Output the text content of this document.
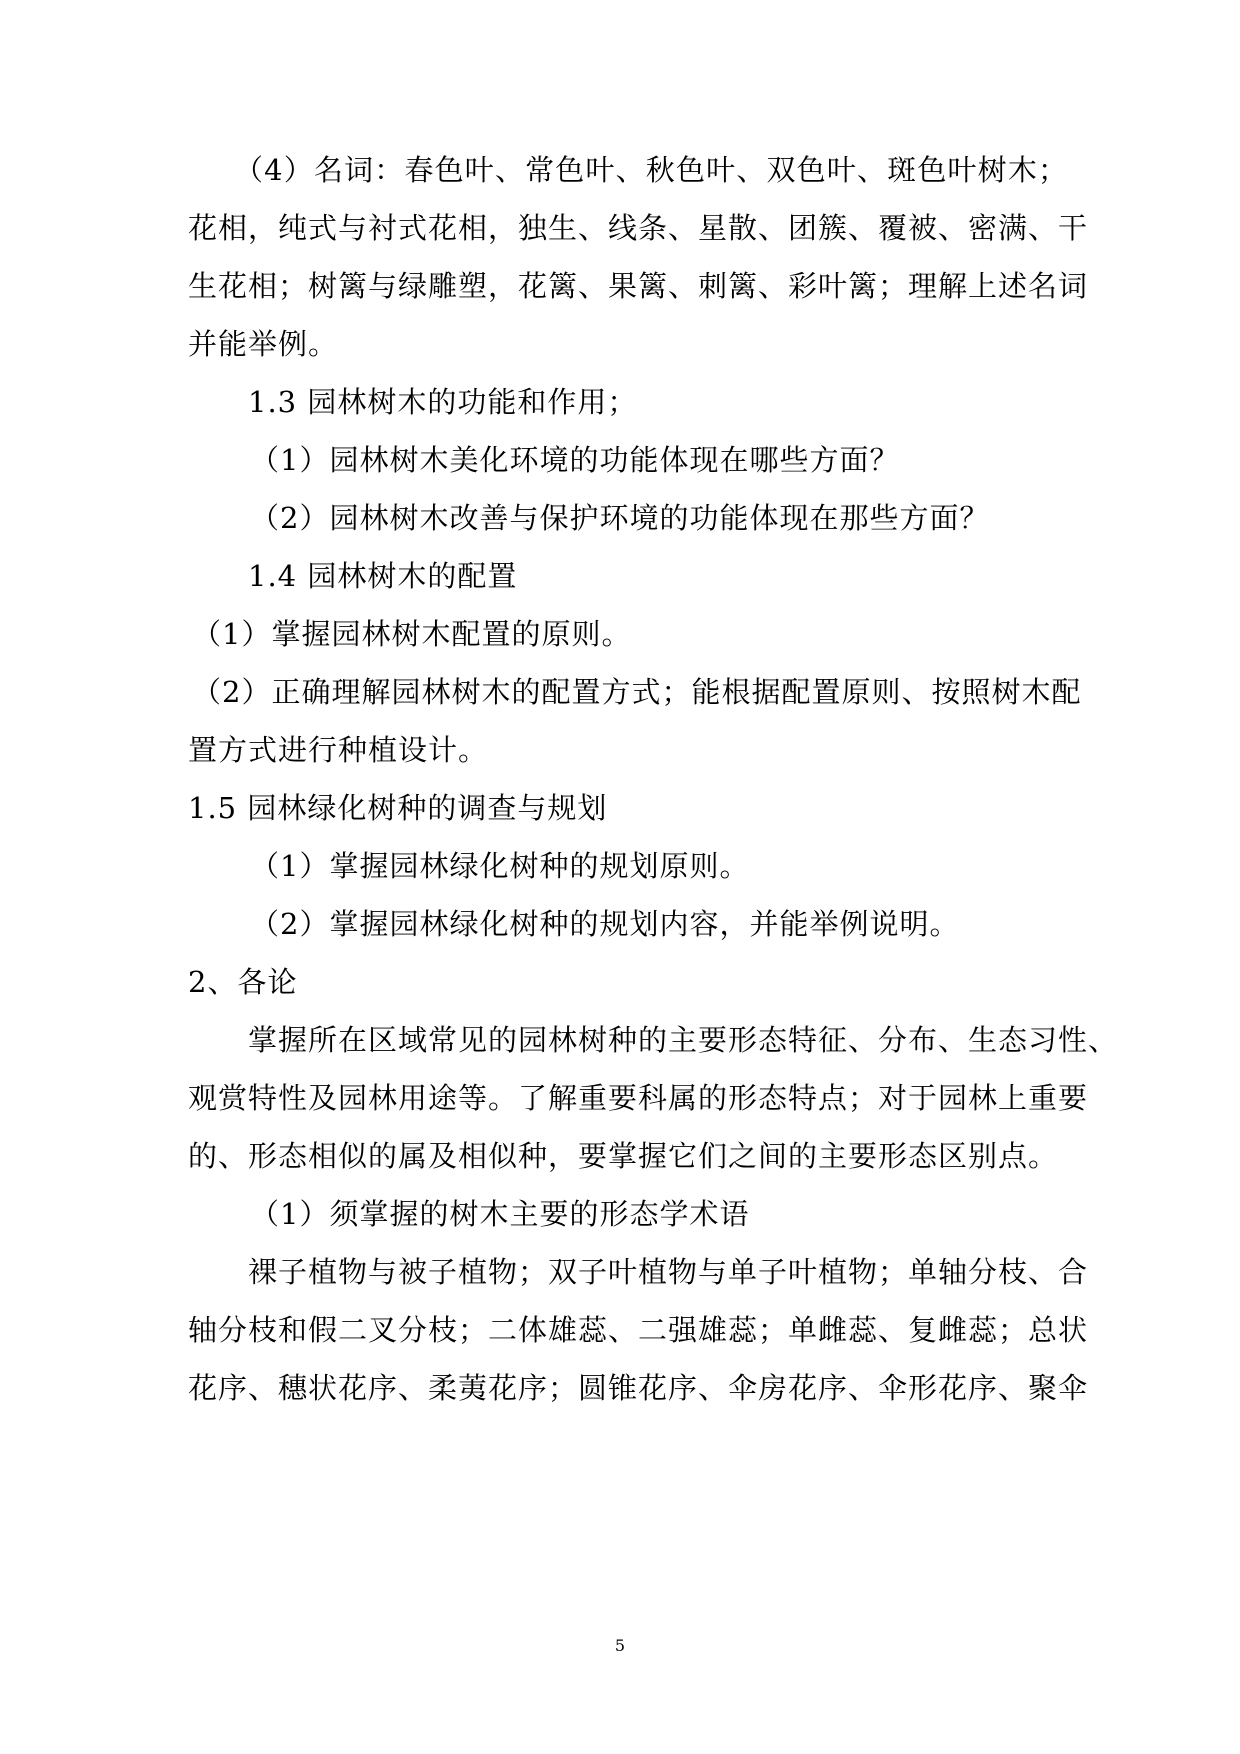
（4）名词：春色叶、常色叶、秋色叶、双色叶、斑色叶树木；
花相，纯式与衬式花相，独生、线条、星散、团簇、覆被、密满、干
生花相；树篱与绿雕塑，花篱、果篱、刺篱、彩叶篱；理解上述名词
并能举例。
1.3 园林树木的功能和作用；
（1）园林树木美化环境的功能体现在哪些方面？
（2）园林树木改善与保护环境的功能体现在那些方面？
1.4 园林树木的配置
（1）掌握园林树木配置的原则。
（2）正确理解园林树木的配置方式；能根据配置原则、按照树木配
置方式进行种植设计。
1.5 园林绿化树种的调查与规划
（1）掌握园林绿化树种的规划原则。
（2）掌握园林绿化树种的规划内容，并能举例说明。
2、各论
掌握所在区域常见的园林树种的主要形态特征、分布、生态习性、
观赏特性及园林用途等。了解重要科属的形态特点；对于园林上重要
的、形态相似的属及相似种，要掌握它们之间的主要形态区别点。
（1）须掌握的树木主要的形态学术语
裸子植物与被子植物；双子叶植物与单子叶植物；单轴分枝、合
轴分枝和假二叉分枝；二体雄蕊、二强雄蕊；单雌蕊、复雌蕊；总状
花序、穗状花序、柔荑花序；圆锥花序、伞房花序、伞形花序、聚伞
5
